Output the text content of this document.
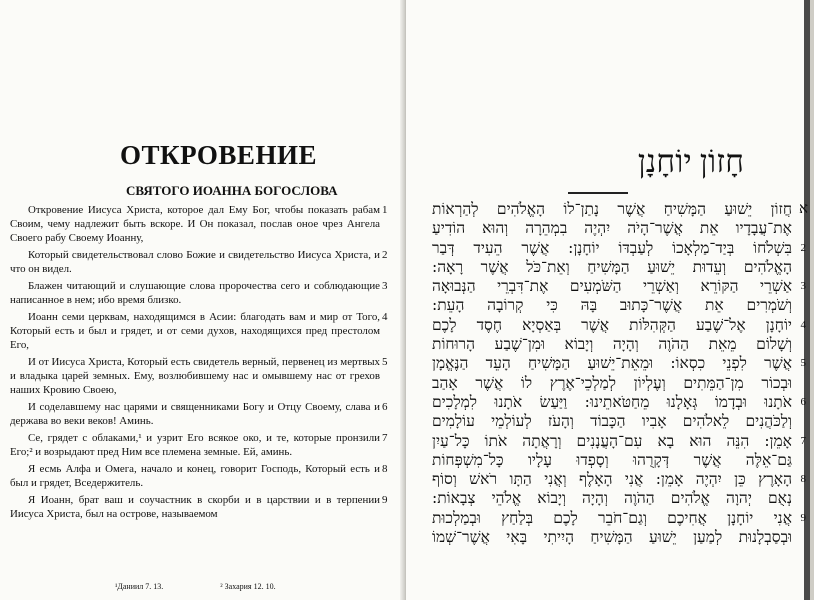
ОТКРОВЕНИЕ
СВЯТОГО ИОАННА БОГОСЛОВА
Откровение Иисуса Христа, которое дал Ему Бог, чтобы показать рабам Своим, чему надлежит быть вскоре. И Он показал, послав оное чрез Ангела Своего рабу Своему Иоанну,
1
Который свидетельствовал слово Божие и свидетельство Иисуса Христа, и что он видел.
2
Блажен читающий и слушающие слова пророчества сего и соблюдающие написанное в нем; ибо время близко.
3
Иоанн семи церквам, находящимся в Асии: благодать вам и мир от Того, Который есть и был и грядет, и от семи духов, находящихся пред престолом Его,
4
И от Иисуса Христа, Который есть свидетель верный, первенец из мертвых и владыка царей земных. Ему, возлюбившему нас и омывшему нас от грехов наших Кровию Своею,
5
И соделавшему нас царями и священниками Богу и Отцу Своему, слава и держава во веки веков! Аминь.
6
Се, грядет с облаками,¹ и узрит Его всякое око, и те, которые пронзили Его;² и возрыдают пред Ним все племена земные. Ей, аминь.
7
Я есмь Алфа и Омега, начало и конец, говорит Господь, Который есть и был и грядет, Вседержитель.
8
Я Иоанн, брат ваш и соучастник в скорби и в царствии и в терпении Иисуса Христа, был на острове, называемом
9
¹Даниил 7. 13.	² Захария 12. 10.
חָזוֹן יוֹחָנָן
חֲזוֹן יֵשׁוּעַ הַמָּשִׁיחַ אֲשֶׁר נָתַן־לוֹ הָאֱלֹהִים לְהַרְאוֹת א
אֶת־עֲבָדָיו אֵת אֲשֶׁר־הָיֹה יִהְיֶה בִמְהֵרָה וְהוּא הוֹדִיעַ
בִּשְׁלֹחוֹ בְּיַד־מַלְאָכוֹ לְעַבְדּוֹ יוֹחָנָן: אֲשֶׁר הֵעִיד דְּבַר 2
הָאֱלֹהִים וְעֵדוּת יֵשׁוּעַ הַמָּשִׁיחַ וְאֵת־כֹּל אֲשֶׁר רָאָה:
אַשְׁרֵי הַקּוֹרֵא וְאַשְׁרֵי הַשֹּׁמְעִים אֶת־דִּבְרֵי הַנְּבוּאָה 3
וְשֹׁמְרִים אֵת אֲשֶׁר־כָּתוּב בָּהּ כִּי קְרוֹבָה הָעֵת:
יוֹחָנָן אֶל־שֶׁבַע הַקְּהִלּוֹת אֲשֶׁר בְּאַסְיָא חֶסֶד לָכֶם 4
וְשָׁלוֹם מֵאֵת הַהֹוֶה וְהָיָה וְיָבוֹא וּמִן־שֶׁבַע הָרוּחוֹת
אֲשֶׁר לִפְנֵי כִסְאוֹ: וּמֵאֵת־יֵשׁוּעַ הַמָּשִׁיחַ הָעֵד הַנֶּאֱמָן 5
וּבְכוֹר מִן־הַמֵּתִים וְעֶלְיוֹן לְמַלְכֵי־אֶרֶץ לוֹ אֲשֶׁר אָהַב
אֹתָנוּ וּבְדָמוֹ גְּאָלָנוּ מֵחַטֹּאתֵינוּ: וַיַּעַשׂ אֹתָנוּ לִמְלָכִים 6
וְלַכֹּהֲנִים לֵאלֹהִים אָבִיו הַכָּבוֹד וְהָעֹז לְעוֹלְמֵי עוֹלָמִים
אָמֵן: הִנֵּה הוּא בָא עִם־הָעֲנָנִים וְרָאֲתָה אֹתוֹ כָּל־עַיִן 7
גַּם־אֵלֶּה אֲשֶׁר דְּקָרֻהוּ וְסָפְדוּ עָלָיו כָּל־מִשְׁפְּחוֹת
הָאָרֶץ כֵּן יִהְיֶה אָמֵן: אֲנִי הָאָלֶף וְאֲנִי הַתָּו רֹאשׁ וְסוֹף 8
נְאֻם יְהוָה אֱלֹהִים הַהֹוֶה וְהָיָה וְיָבוֹא אֱלֹהֵי צְבָאוֹת:
אֲנִי יוֹחָנָן אֲחִיכֶם וְגַם־חֹבֵר לָכֶם בְּלַחַץ וּבְמַלְכוּת 9
וּבְסַבְלָנוּת לְמַעַן יֵשׁוּעַ הַמָּשִׁיחַ הָיִיתִי בָּאִי אֲשֶׁר־שְׁמוֹ
